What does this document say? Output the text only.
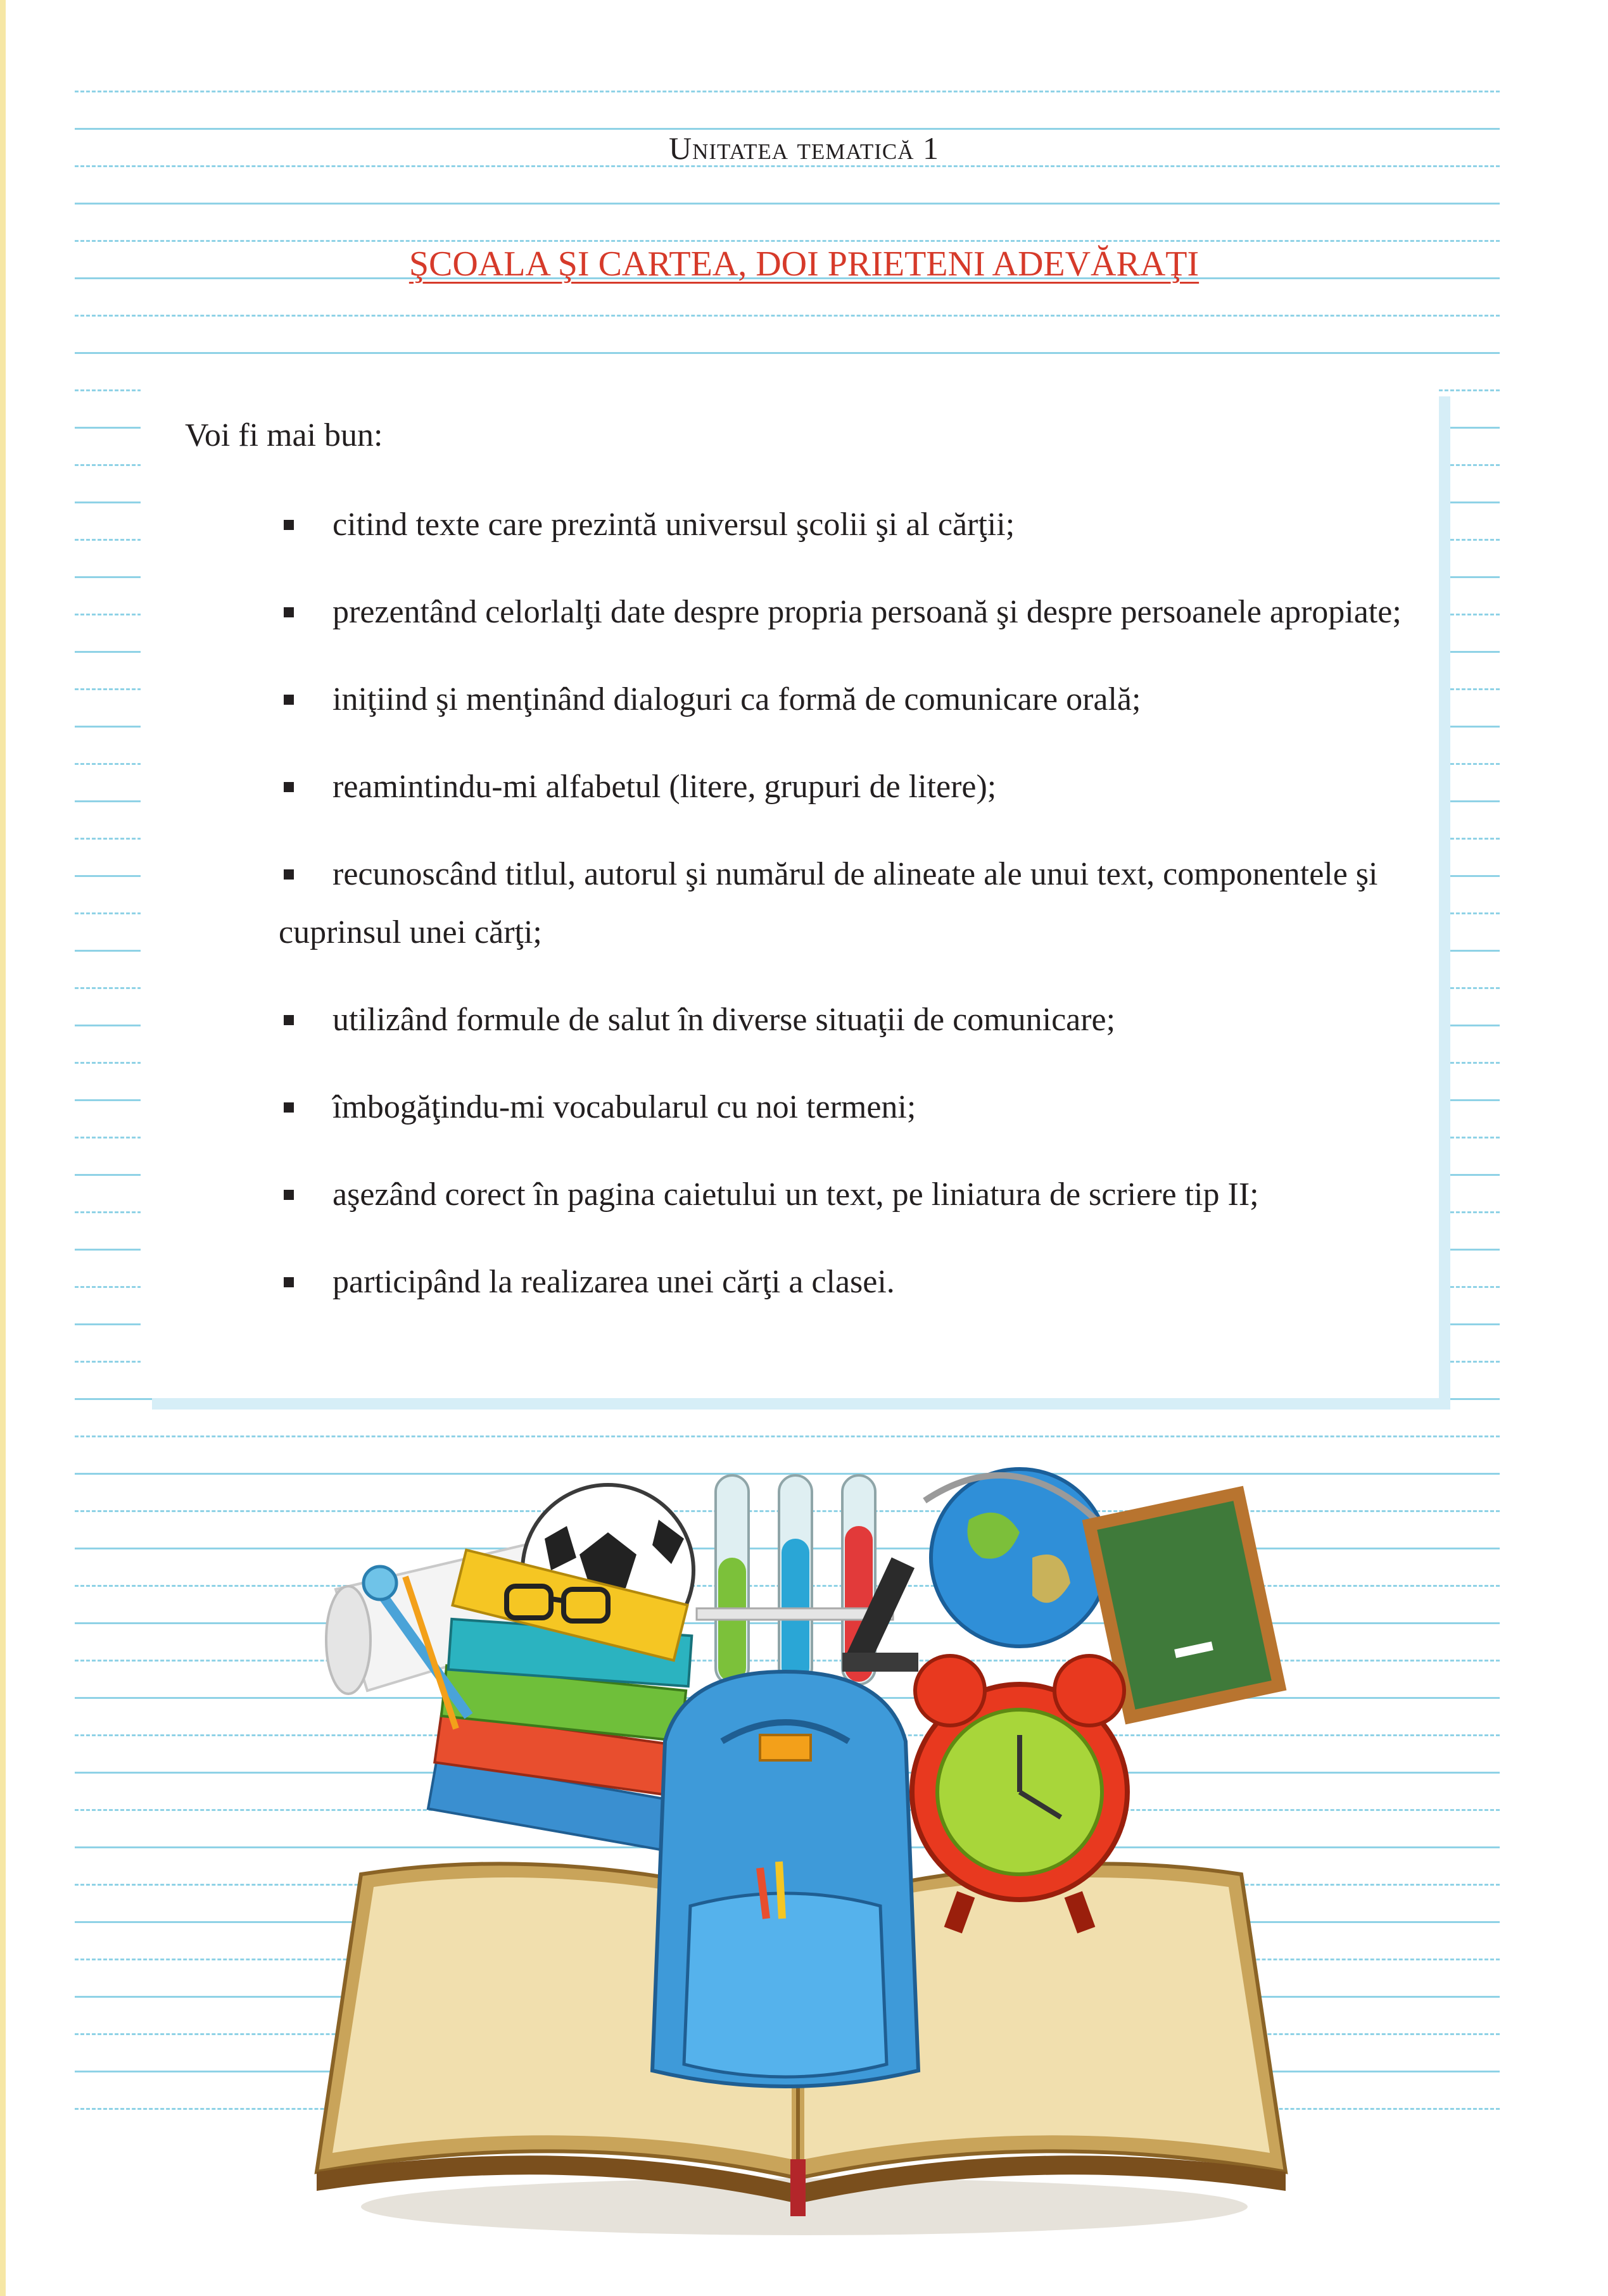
Unitatea tematică 1
ŞCOALA ŞI CARTEA, DOI PRIETENI ADEVĂRAŢI
Voi fi mai bun:
citind texte care prezintă universul şcolii şi al cărţii;
prezentând celorlalţi date despre propria persoană şi despre persoanele apropiate;
iniţiind şi menţinând dialoguri ca formă de comunicare orală;
reamintindu-mi alfabetul (litere, grupuri de litere);
recunoscând titlul, autorul şi numărul de alineate ale unui text, componentele şi cuprinsul unei cărţi;
utilizând formule de salut în diverse situaţii de comunicare;
îmbogăţindu-mi vocabularul cu noi termeni;
aşezând corect în pagina caietului un text, pe liniatura de scriere tip II;
participând la realizarea unei cărţi a clasei.
